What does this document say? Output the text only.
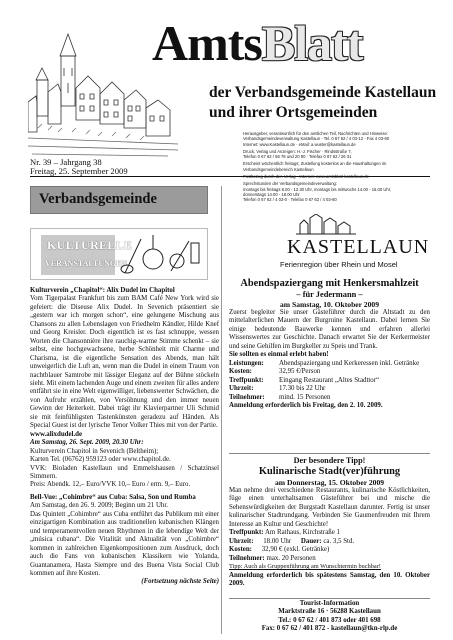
AmtsBlatt
der Verbandsgemeinde Kastellaun
und ihrer Ortsgemeinden
Herausgeber, verantwortlich für den amtlichen Teil, Nachrichten und Hinweise:
Verbandsgemeindeverwaltung Kastellaun · Tel. 0 67 62 / 4 03-12 · Fax 4 03-60
Internet: www.Kastellaun.de · eMail: a.wuster@kastellaun.de
Druck, Verlag und Anzeigen: H.-J. Fischer · Rindsstraße 7,
Telefon 0 67 62 / 56 78 und 20 90 · Telefax 0 67 62 / 26 31
Erscheint wöchentlich freitags; Zustellung kostenlos an die Haushaltungen im
Verbandsgemeindebereich Kastellaun
Sprechstunden der Verbandsgemeindeverwaltung:
montags bis freitags 8.00 - 12.30 Uhr, montags bis mittwochs 14.00 - 16.00 Uhr,
donnerstags 14.00 - 18.00 Uhr
Telefon 0 67 62 / 4 03-0 · Telefax 0 67 62 / 4 03-60
Nr. 39 – Jahrgang 38
Freitag, 25. September 2009
Verbandsgemeinde
KULTURELLE
VERANSTALTUNGEN

Kulturverein „Chapitol“: Alix Dudel im Chapitol

Vom Tigerpalast Frankfurt bis zum BAM Café New York wird sie gefeiert: die Diseuse Alix Dudel. In Sevenich präsentiert sie „gestern war ich morgen schon“, eine gelungene Mischung aus Chansons zu allen Lebenslagen von Friedhelm Kändler, Hilde Knef und Georg Kreisler. Doch eigentlich ist es fast schnuppe, wessen Worten die Chansonnière ihre rauchig-warme Stimme schenkt – sie selbst, eine hochgewachsene, herbe Schönheit mit Charme und Charisma, ist die eigentliche Sensation des Abends, man hält unweigerlich die Luft an, wenn man die Dudel in einem Traum von nachtblauer Samtrobe mit lässiger Eleganz auf der Bühne stöckeln sieht. Mit einem lachenden Auge und einem zweiten für alles andere entfährt sie in eine Welt eigenwilliger, liebenswerter Schwächen, die von Aufruhr erzählen, von Versöhnung und den immer neuen Gewinn der Heiterkeit. Dabei trägt ihr Klavierpartner Uli Schmid sie mit feinfühligsten Tastenkünsten geradezu auf Händen. Als Special Guest ist der lyrische Tenor Volker Thies mit von der Partie.

www.alixdudel.de

Am Samstag, 26. Sept. 2009, 20.30 Uhr:

Kulturverein Chapitol in Sevenich (Beltheim);

Karten Tel. (06762) 959123 oder www.chapitol.de.

VVK: Bioladen Kastellaun und Emmelshausen / Schatzinsel Simmern.

Preis: Abendk. 12,– Euro/VVK 10,– Euro / erm. 9,– Euro.

Bell-Vue: „Cohimbre“ aus Cuba: Salsa, Son und Rumba

Am Samstag, den 26. 9. 2009; Beginn um 21 Uhr.

Das Quintett „Cohimbre“ aus Cuba entführt das Publikum mit einer einzigartigen Kombination aus traditionellen kubanischen Klängen und temperamentvollen neuen Rhythmen in die lebendige Welt der „música cubana“. Die Vitalität und Aktualität von „Cohimbre“ kommen in zahlreichen Eigenkompositionen zum Ausdruck, doch auch die Fans von kubanischen Klassikern wie Yolanda, Guantanamera, Hasta Siempre und des Buena Vista Social Club kommen auf ihre Kosten.

(Fortsetzung nächste Seite)

KASTELLAUN
Ferienregion über Rhein und Mosel
Abendspaziergang mit Henkersmahlzeit
– für Jedermann –
am Samstag, 10. Oktober 2009

Zuerst begleiter Sie unser Gästeführer durch die Altstadt zu den mittelalterlichen Mauern der Burgruine Kastellaun. Dabei lernen Sie einige bedeutende Bauwerke kennen und erfahren allerlei Wissenswertes zur Geschichte. Danach erwartet Sie der Kerkermeister und seine Gehilfen im Burgkeller zu Speis und Trank.

Sie sollten es einmal erlebt haben!

Leistungen:	Abendspaziergang und Kerkeressen inkl. Getränke
Kosten:	32,95 €/Person
Treffpunkt:	Eingang Restaurant „Altes Stadttor“
Uhrzeit:	17.30 bis 22 Uhr
Teilnehmer:	mind. 15 Personen

Anmeldung erforderlich bis Freitag, den 2. 10. 2009.

Der besondere Tipp!
Kulinarische Stadt(ver)führung
am Donnerstag, 15. Oktober 2009

Man nehme drei verschiedene Restaurants, kulinarische Köstlichkeiten, füge einen unterhaltsamen Gästeführer bei und mische die Sehenswürdigkeiten der Burgstadt Kastellaun darunter. Fertig ist unser kulinarischer Stadtrundgang. Verbinden Sie Gaumenfreuden mit Ihrem Interesse an Kultur und Geschichte!

Treffpunkt: Am Rathaus, Kirchstraße 1
Uhrzeit: 18.00 Uhr Dauer: ca. 3,5 Std.
Kosten: 32,90 € (exkl. Getränke)
Teilnehmer: max. 20 Personen
Tipp: Auch als Gruppenführung am Wunschtermin buchbar!
Anmeldung erforderlich bis spätestens Samstag, den 10. Oktober 2009.
Tourist-Information
Marktstraße 16 · 56288 Kastellaun
Tel.: 0 67 62 / 401 873 oder 401 698
Fax: 0 67 62 / 401 872 - kastellaun@tkn-rlp.de
